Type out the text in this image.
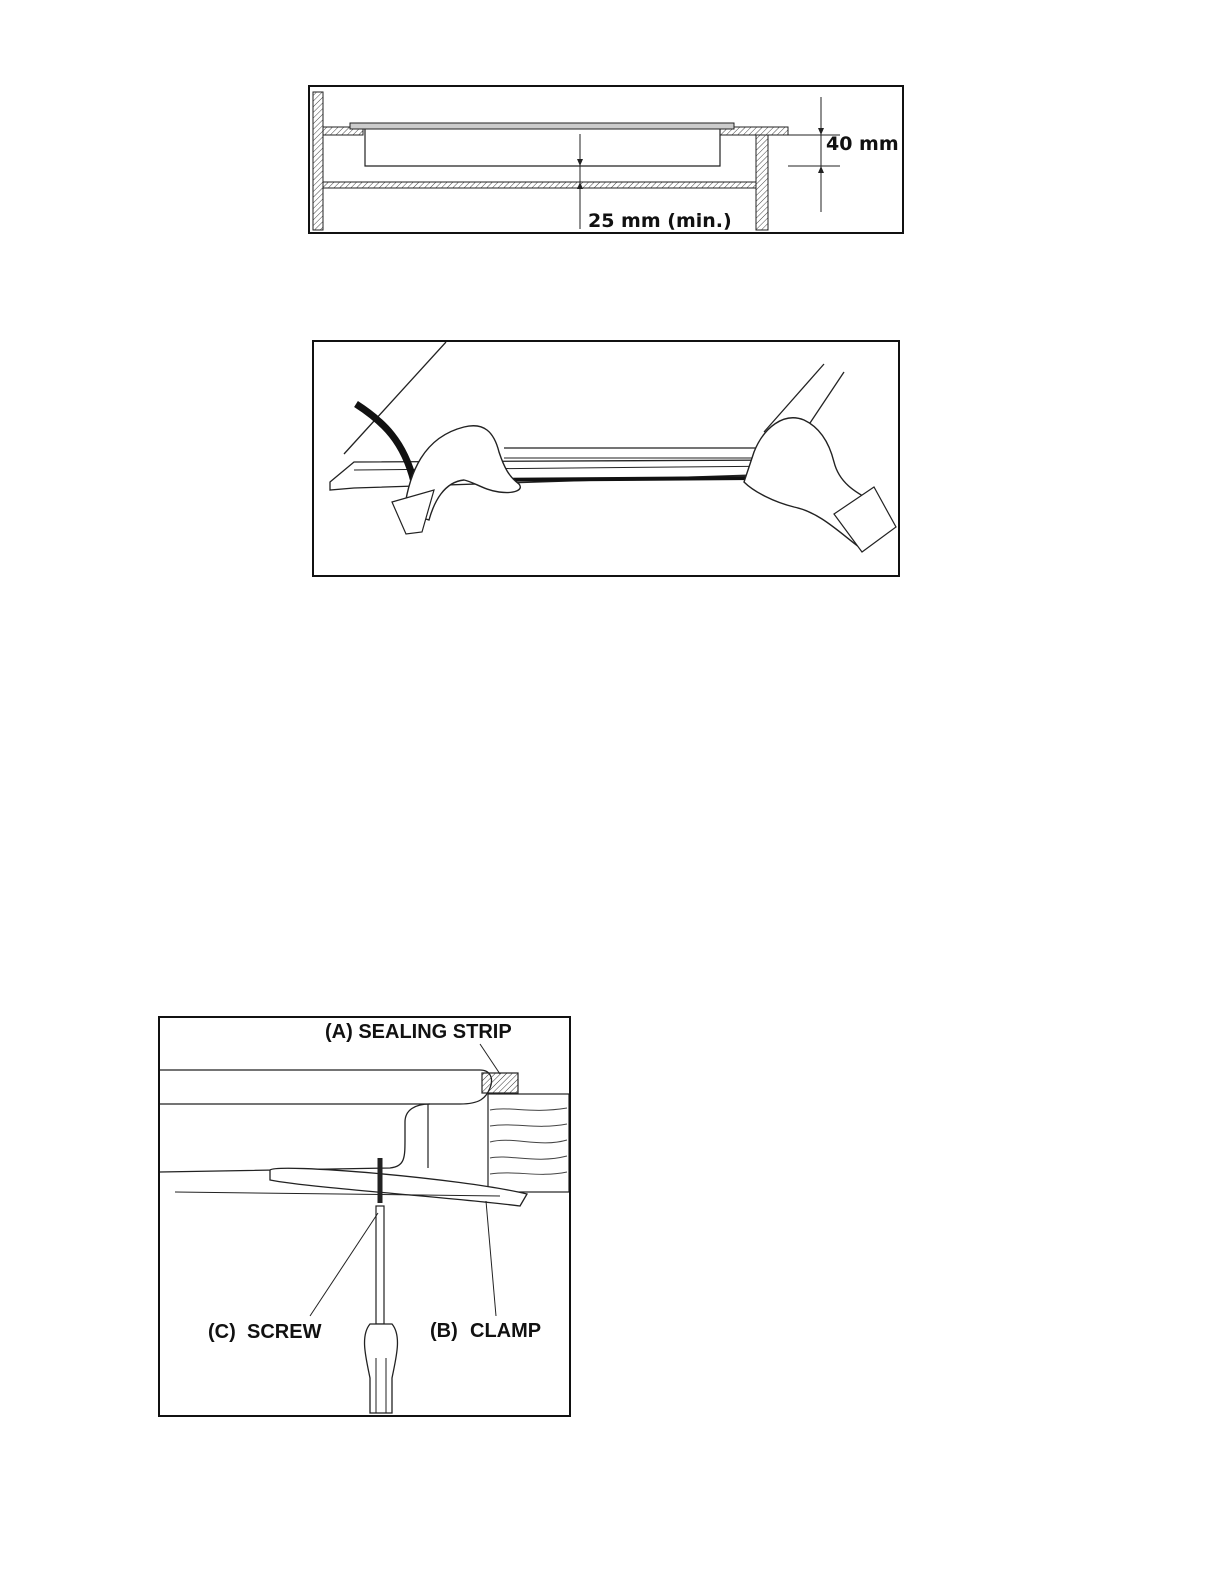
40 mm
25 mm (min.)
(A) SEALING STRIP
(C) SCREW	(B) CLAMP
